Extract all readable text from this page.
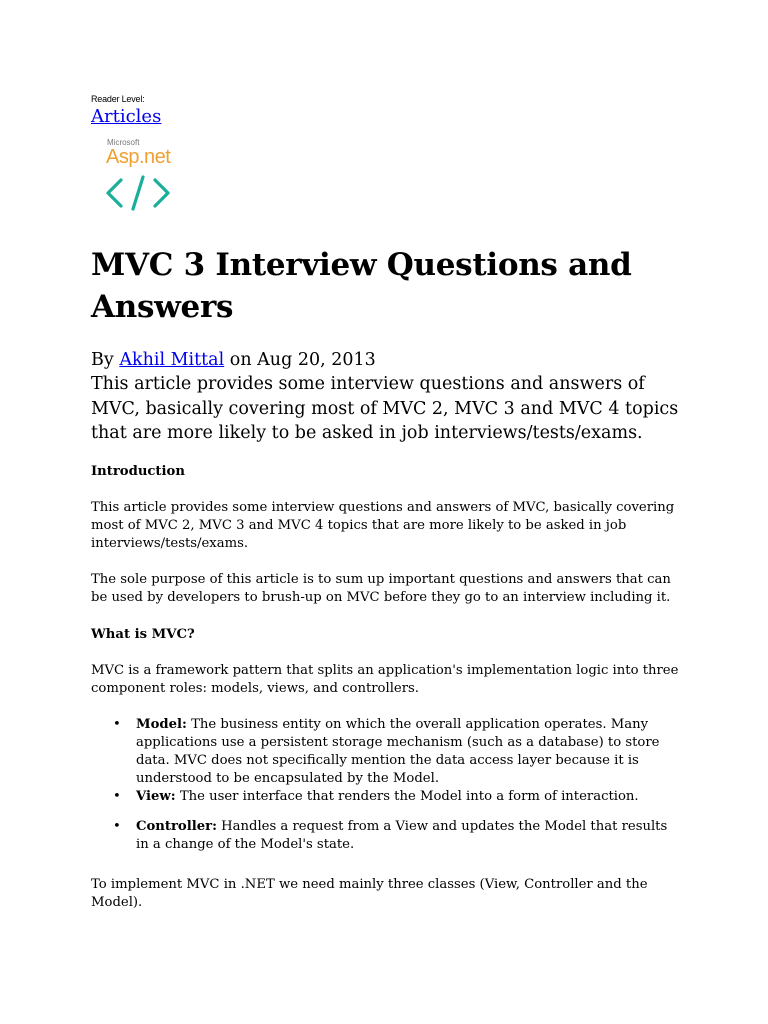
Reader Level:
Articles
Microsoft
Asp.net
MVC 3 Interview Questions and Answers
By Akhil Mittal on Aug 20, 2013

This article provides some interview questions and answers of MVC, basically covering most of MVC 2, MVC 3 and MVC 4 topics that are more likely to be asked in job interviews/tests/exams.

Introduction

This article provides some interview questions and answers of MVC, basically covering most of MVC 2, MVC 3 and MVC 4 topics that are more likely to be asked in job interviews/tests/exams.

The sole purpose of this article is to sum up important questions and answers that can be used by developers to brush-up on MVC before they go to an interview including it.

What is MVC?

MVC is a framework pattern that splits an application's implementation logic into three component roles: models, views, and controllers.

• Model: The business entity on which the overall application operates. Many applications use a persistent storage mechanism (such as a database) to store data. MVC does not specifically mention the data access layer because it is understood to be encapsulated by the Model.
• View: The user interface that renders the Model into a form of interaction.
• Controller: Handles a request from a View and updates the Model that results in a change of the Model's state.

To implement MVC in .NET we need mainly three classes (View, Controller and the Model).
